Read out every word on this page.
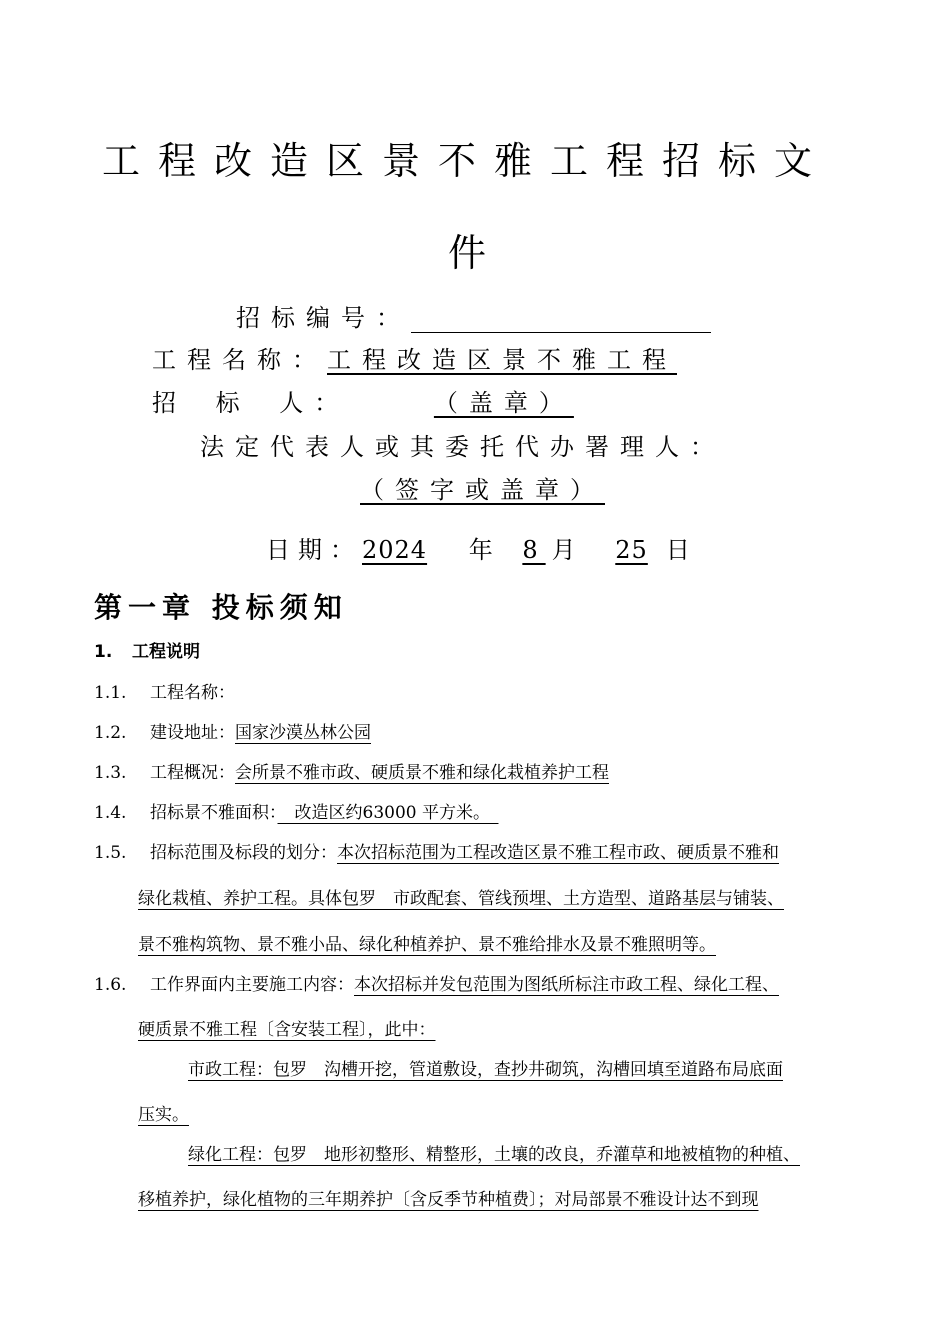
工程改造区景不雅工程招标文
件
招标编号：
工程名称：工程改造区景不雅工程
招 标 人：	（盖章）
法定代表人或其委托代办署理人：
（签字或盖章）
日期：2024 年 8 月 25 日
第一章 投标须知
1. 工程说明
1.1. 工程名称：
1.2. 建设地址：国家沙漠丛林公园
1.3. 工程概况：会所景不雅市政、硬质景不雅和绿化栽植养护工程
1.4. 招标景不雅面积：　改造区约63000 平方米。　
1.5. 招标范围及标段的划分：本次招标范围为工程改造区景不雅工程市政、硬质景不雅和
绿化栽植、养护工程。具体包罗　市政配套、管线预埋、土方造型、道路基层与铺装、
景不雅构筑物、景不雅小品、绿化种植养护、景不雅给排水及景不雅照明等。
1.6. 工作界面内主要施工内容：本次招标并发包范围为图纸所标注市政工程、绿化工程、
硬质景不雅工程〔含安装工程〕，此中：
市政工程：包罗　沟槽开挖，管道敷设，查抄井砌筑，沟槽回填至道路布局底面
压实。
绿化工程：包罗　地形初整形、精整形，土壤的改良，乔灌草和地被植物的种植、
移植养护，绿化植物的三年期养护〔含反季节种植费〕；对局部景不雅设计达不到现
